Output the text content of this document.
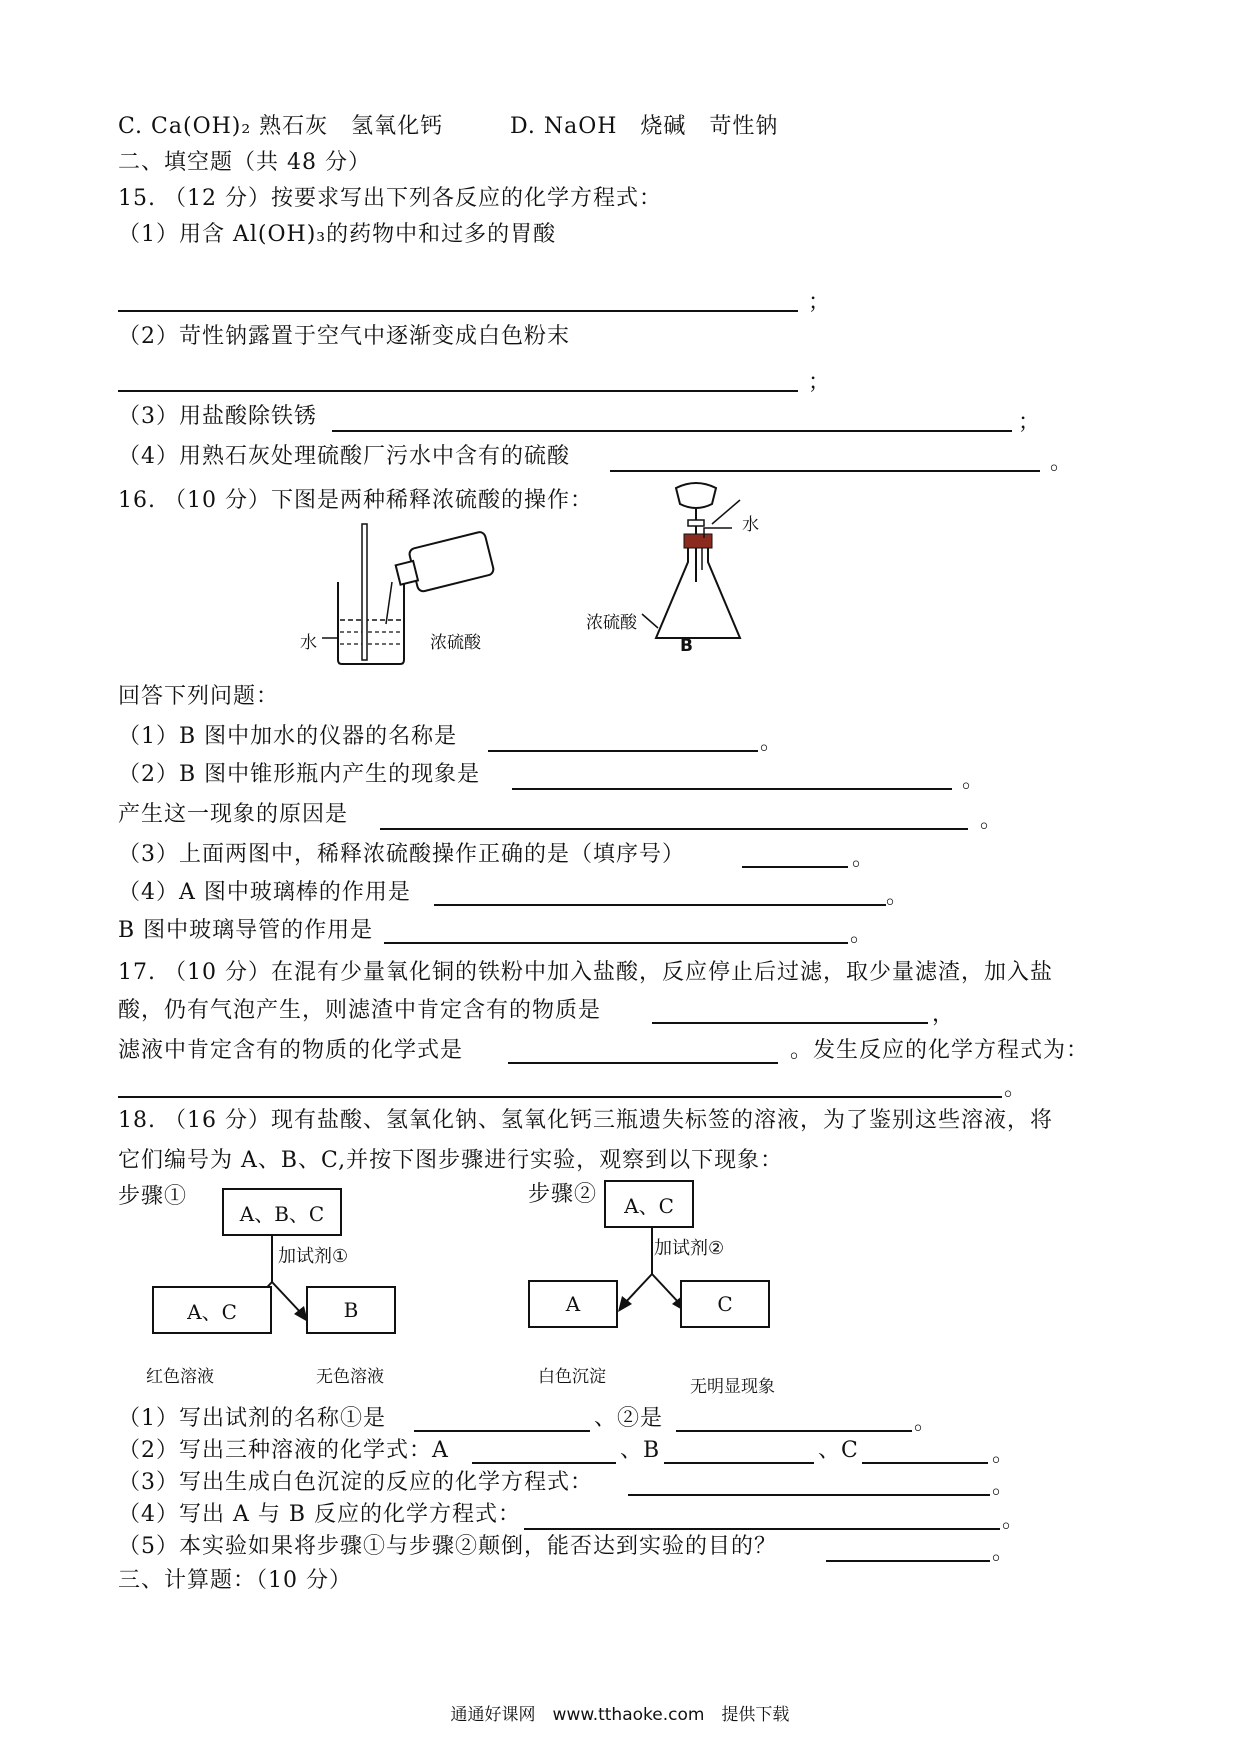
C. Ca(OH)₂ 熟石灰　氢氧化钙	D. NaOH　烧碱　苛性钠
二、填空题（共 48 分）
15. （12 分）按要求写出下列各反应的化学方程式：
（1）用含 Al(OH)₃的药物中和过多的胃酸
；
（2）苛性钠露置于空气中逐渐变成白色粉末
；
（3）用盐酸除铁锈	；
（4）用熟石灰处理硫酸厂污水中含有的硫酸	。
16. （10 分）下图是两种稀释浓硫酸的操作：
水	浓硫酸
水
浓硫酸
B
回答下列问题：
（1）B 图中加水的仪器的名称是	。
（2）B 图中锥形瓶内产生的现象是	。
产生这一现象的原因是	。
（3）上面两图中，稀释浓硫酸操作正确的是（填序号）	。
（4）A 图中玻璃棒的作用是	。
B 图中玻璃导管的作用是	。
17. （10 分）在混有少量氧化铜的铁粉中加入盐酸，反应停止后过滤，取少量滤渣，加入盐
酸，仍有气泡产生，则滤渣中肯定含有的物质是	，
滤液中肯定含有的物质的化学式是	。发生反应的化学方程式为：
。
18. （16 分）现有盐酸、氢氧化钠、氢氧化钙三瓶遗失标签的溶液，为了鉴别这些溶液，将
它们编号为 A、B、C,并按下图步骤进行实验，观察到以下现象：
步骤①
A、B、C
加试剂①
A、C	B
红色溶液	无色溶液
步骤②	A、C
加试剂②
A	C
白色沉淀	无明显现象
（1）写出试剂的名称①是	、②是	。
（2）写出三种溶液的化学式：A	、B	、C	。
（3）写出生成白色沉淀的反应的化学方程式：	。
（4）写出 A 与 B 反应的化学方程式：	。
（5）本实验如果将步骤①与步骤②颠倒，能否达到实验的目的？	。
三、计算题：（10 分）
通通好课网　www.tthaoke.com　提供下载
